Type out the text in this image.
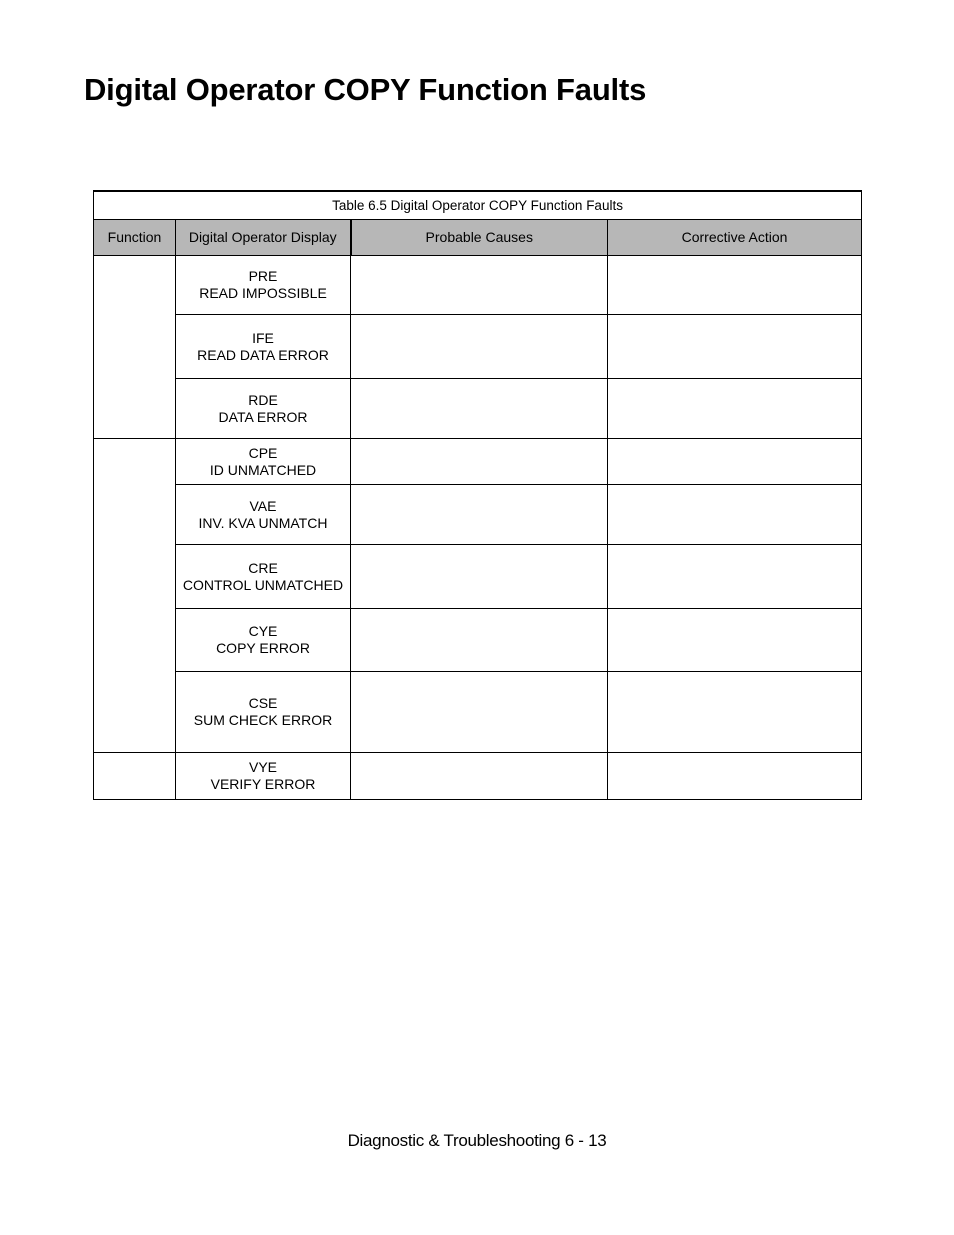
Digital Operator COPY Function Faults
Table 6.5 Digital Operator COPY Function Faults			
Function	Digital Operator Display	Probable Causes	Corrective Action

	PRE
READ IMPOSSIBLE		

	IFE
READ DATA ERROR		

	RDE
DATA ERROR		

	CPE
ID UNMATCHED		

	VAE
INV. KVA UNMATCH		

	CRE
CONTROL UNMATCHED		

	CYE
COPY ERROR		

	CSE
SUM CHECK ERROR		

	VYE
VERIFY ERROR		

Diagnostic & Troubleshooting 6 - 13
